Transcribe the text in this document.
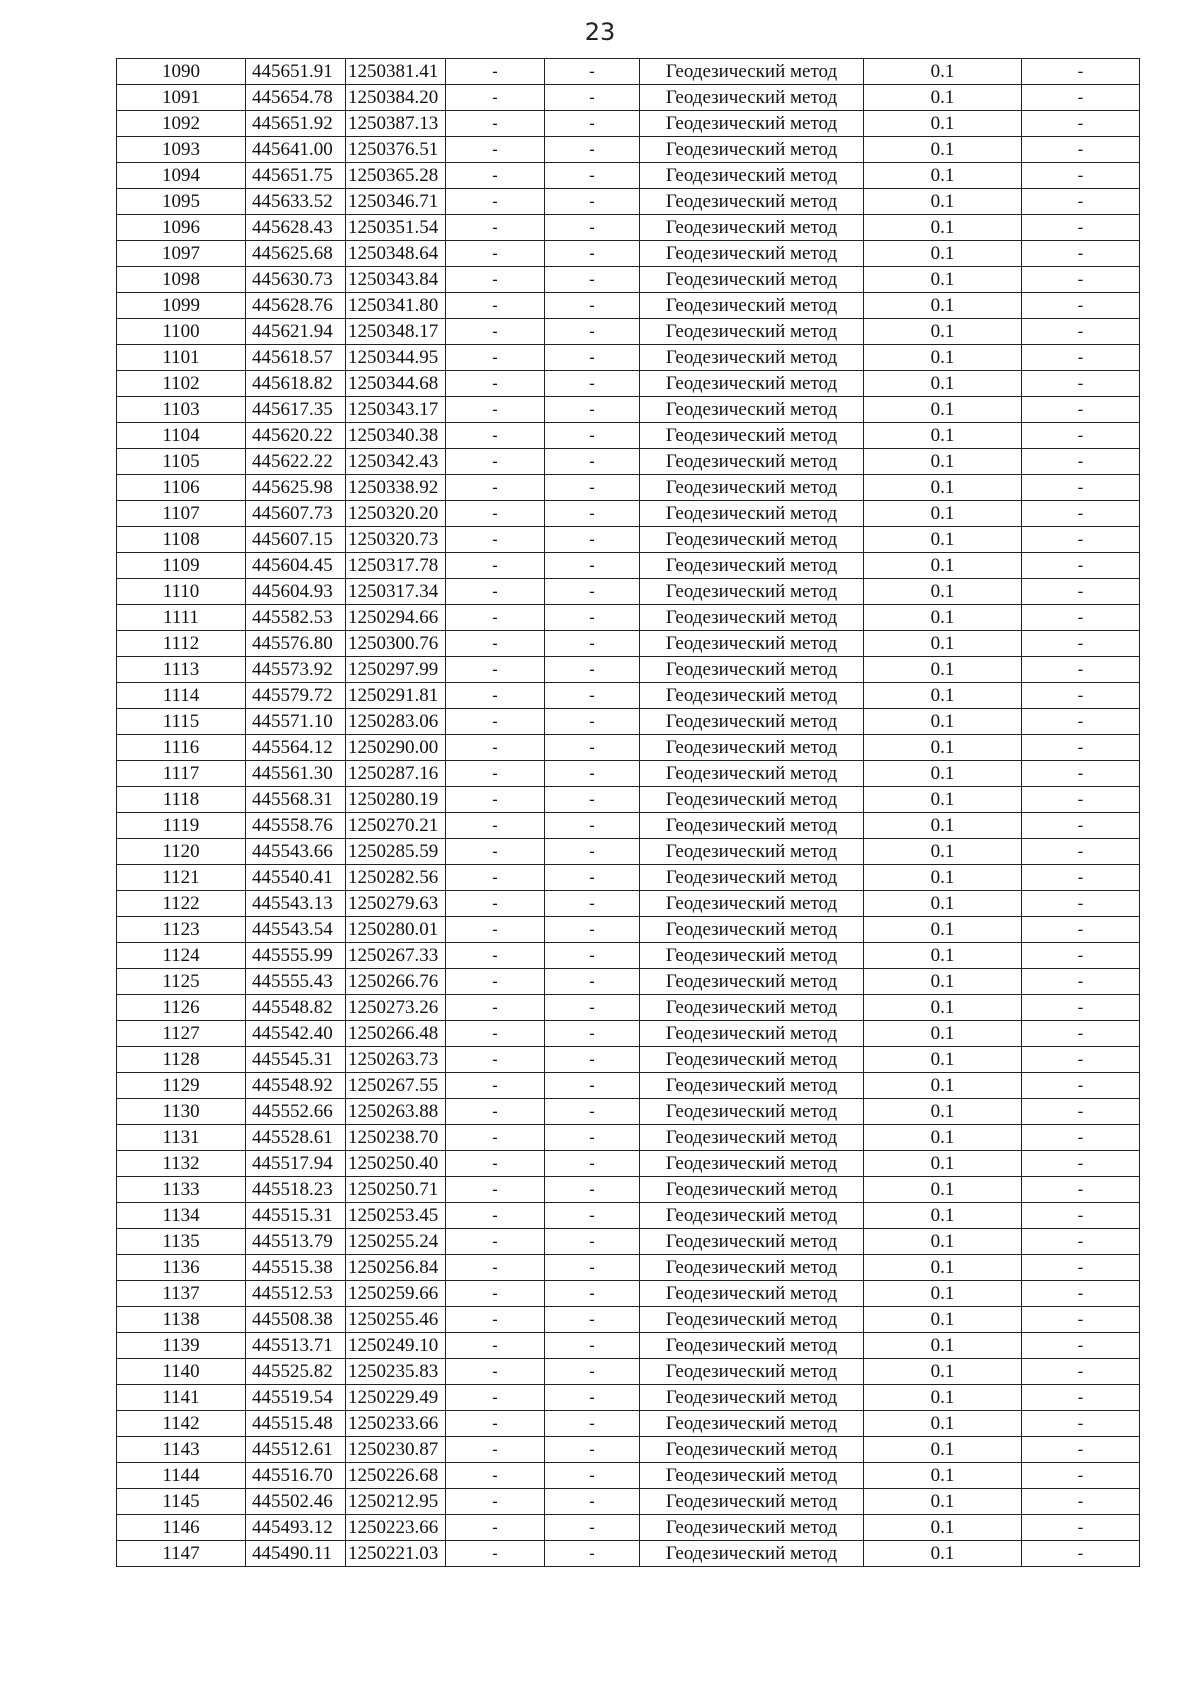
23
1090	445651.91	1250381.41	-	-	Геодезический метод	0.1	-
1091	445654.78	1250384.20	-	-	Геодезический метод	0.1	-
1092	445651.92	1250387.13	-	-	Геодезический метод	0.1	-
1093	445641.00	1250376.51	-	-	Геодезический метод	0.1	-
1094	445651.75	1250365.28	-	-	Геодезический метод	0.1	-
1095	445633.52	1250346.71	-	-	Геодезический метод	0.1	-
1096	445628.43	1250351.54	-	-	Геодезический метод	0.1	-
1097	445625.68	1250348.64	-	-	Геодезический метод	0.1	-
1098	445630.73	1250343.84	-	-	Геодезический метод	0.1	-
1099	445628.76	1250341.80	-	-	Геодезический метод	0.1	-
1100	445621.94	1250348.17	-	-	Геодезический метод	0.1	-
1101	445618.57	1250344.95	-	-	Геодезический метод	0.1	-
1102	445618.82	1250344.68	-	-	Геодезический метод	0.1	-
1103	445617.35	1250343.17	-	-	Геодезический метод	0.1	-
1104	445620.22	1250340.38	-	-	Геодезический метод	0.1	-
1105	445622.22	1250342.43	-	-	Геодезический метод	0.1	-
1106	445625.98	1250338.92	-	-	Геодезический метод	0.1	-
1107	445607.73	1250320.20	-	-	Геодезический метод	0.1	-
1108	445607.15	1250320.73	-	-	Геодезический метод	0.1	-
1109	445604.45	1250317.78	-	-	Геодезический метод	0.1	-
1110	445604.93	1250317.34	-	-	Геодезический метод	0.1	-
1111	445582.53	1250294.66	-	-	Геодезический метод	0.1	-
1112	445576.80	1250300.76	-	-	Геодезический метод	0.1	-
1113	445573.92	1250297.99	-	-	Геодезический метод	0.1	-
1114	445579.72	1250291.81	-	-	Геодезический метод	0.1	-
1115	445571.10	1250283.06	-	-	Геодезический метод	0.1	-
1116	445564.12	1250290.00	-	-	Геодезический метод	0.1	-
1117	445561.30	1250287.16	-	-	Геодезический метод	0.1	-
1118	445568.31	1250280.19	-	-	Геодезический метод	0.1	-
1119	445558.76	1250270.21	-	-	Геодезический метод	0.1	-
1120	445543.66	1250285.59	-	-	Геодезический метод	0.1	-
1121	445540.41	1250282.56	-	-	Геодезический метод	0.1	-
1122	445543.13	1250279.63	-	-	Геодезический метод	0.1	-
1123	445543.54	1250280.01	-	-	Геодезический метод	0.1	-
1124	445555.99	1250267.33	-	-	Геодезический метод	0.1	-
1125	445555.43	1250266.76	-	-	Геодезический метод	0.1	-
1126	445548.82	1250273.26	-	-	Геодезический метод	0.1	-
1127	445542.40	1250266.48	-	-	Геодезический метод	0.1	-
1128	445545.31	1250263.73	-	-	Геодезический метод	0.1	-
1129	445548.92	1250267.55	-	-	Геодезический метод	0.1	-
1130	445552.66	1250263.88	-	-	Геодезический метод	0.1	-
1131	445528.61	1250238.70	-	-	Геодезический метод	0.1	-
1132	445517.94	1250250.40	-	-	Геодезический метод	0.1	-
1133	445518.23	1250250.71	-	-	Геодезический метод	0.1	-
1134	445515.31	1250253.45	-	-	Геодезический метод	0.1	-
1135	445513.79	1250255.24	-	-	Геодезический метод	0.1	-
1136	445515.38	1250256.84	-	-	Геодезический метод	0.1	-
1137	445512.53	1250259.66	-	-	Геодезический метод	0.1	-
1138	445508.38	1250255.46	-	-	Геодезический метод	0.1	-
1139	445513.71	1250249.10	-	-	Геодезический метод	0.1	-
1140	445525.82	1250235.83	-	-	Геодезический метод	0.1	-
1141	445519.54	1250229.49	-	-	Геодезический метод	0.1	-
1142	445515.48	1250233.66	-	-	Геодезический метод	0.1	-
1143	445512.61	1250230.87	-	-	Геодезический метод	0.1	-
1144	445516.70	1250226.68	-	-	Геодезический метод	0.1	-
1145	445502.46	1250212.95	-	-	Геодезический метод	0.1	-
1146	445493.12	1250223.66	-	-	Геодезический метод	0.1	-
1147	445490.11	1250221.03	-	-	Геодезический метод	0.1	-
